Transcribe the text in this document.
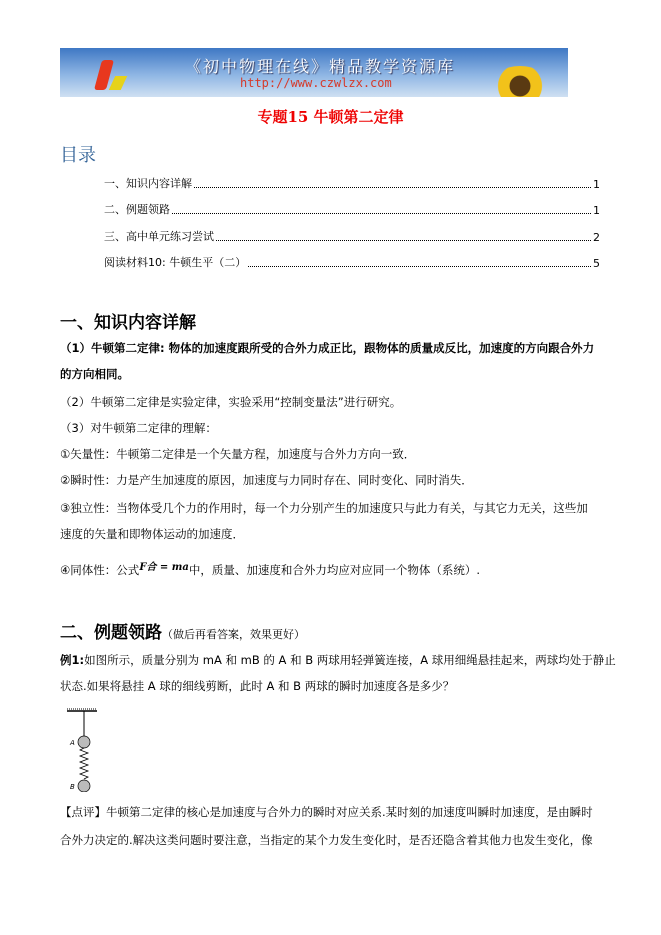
《初中物理在线》精品教学资源库
http://www.czwlzx.com
专题15 牛顿第二定律
目录
一、知识内容详解	1
二、例题领路	1
三、高中单元练习尝试	2
阅读材料10: 牛顿生平（二）	5
一、知识内容详解
（1）牛顿第二定律: 物体的加速度跟所受的合外力成正比，跟物体的质量成反比，加速度的方向跟合外力
的方向相同。
（2）牛顿第二定律是实验定律，实验采用“控制变量法”进行研究。
（3）对牛顿第二定律的理解：
①矢量性：牛顿第二定律是一个矢量方程，加速度与合外力方向一致．
②瞬时性：力是产生加速度的原因，加速度与力同时存在、同时变化、同时消失．
③独立性：当物体受几个力的作用时，每一个力分别产生的加速度只与此力有关，与其它力无关，这些加
速度的矢量和即物体运动的加速度．
④同体性：公式F合 = ma中，质量、加速度和合外力均应对应同一个物体（系统）.
二、例题领路（做后再看答案，效果更好）
例1:如图所示，质量分别为 mA 和 mB 的 A 和 B 两球用轻弹簧连接，A 球用细绳悬挂起来，两球均处于静止
状态.如果将悬挂 A 球的细线剪断，此时 A 和 B 两球的瞬时加速度各是多少？
A
B
【点评】牛顿第二定律的核心是加速度与合外力的瞬时对应关系.某时刻的加速度叫瞬时加速度，是由瞬时
合外力决定的.解决这类问题时要注意，当指定的某个力发生变化时，是否还隐含着其他力也发生变化，像
